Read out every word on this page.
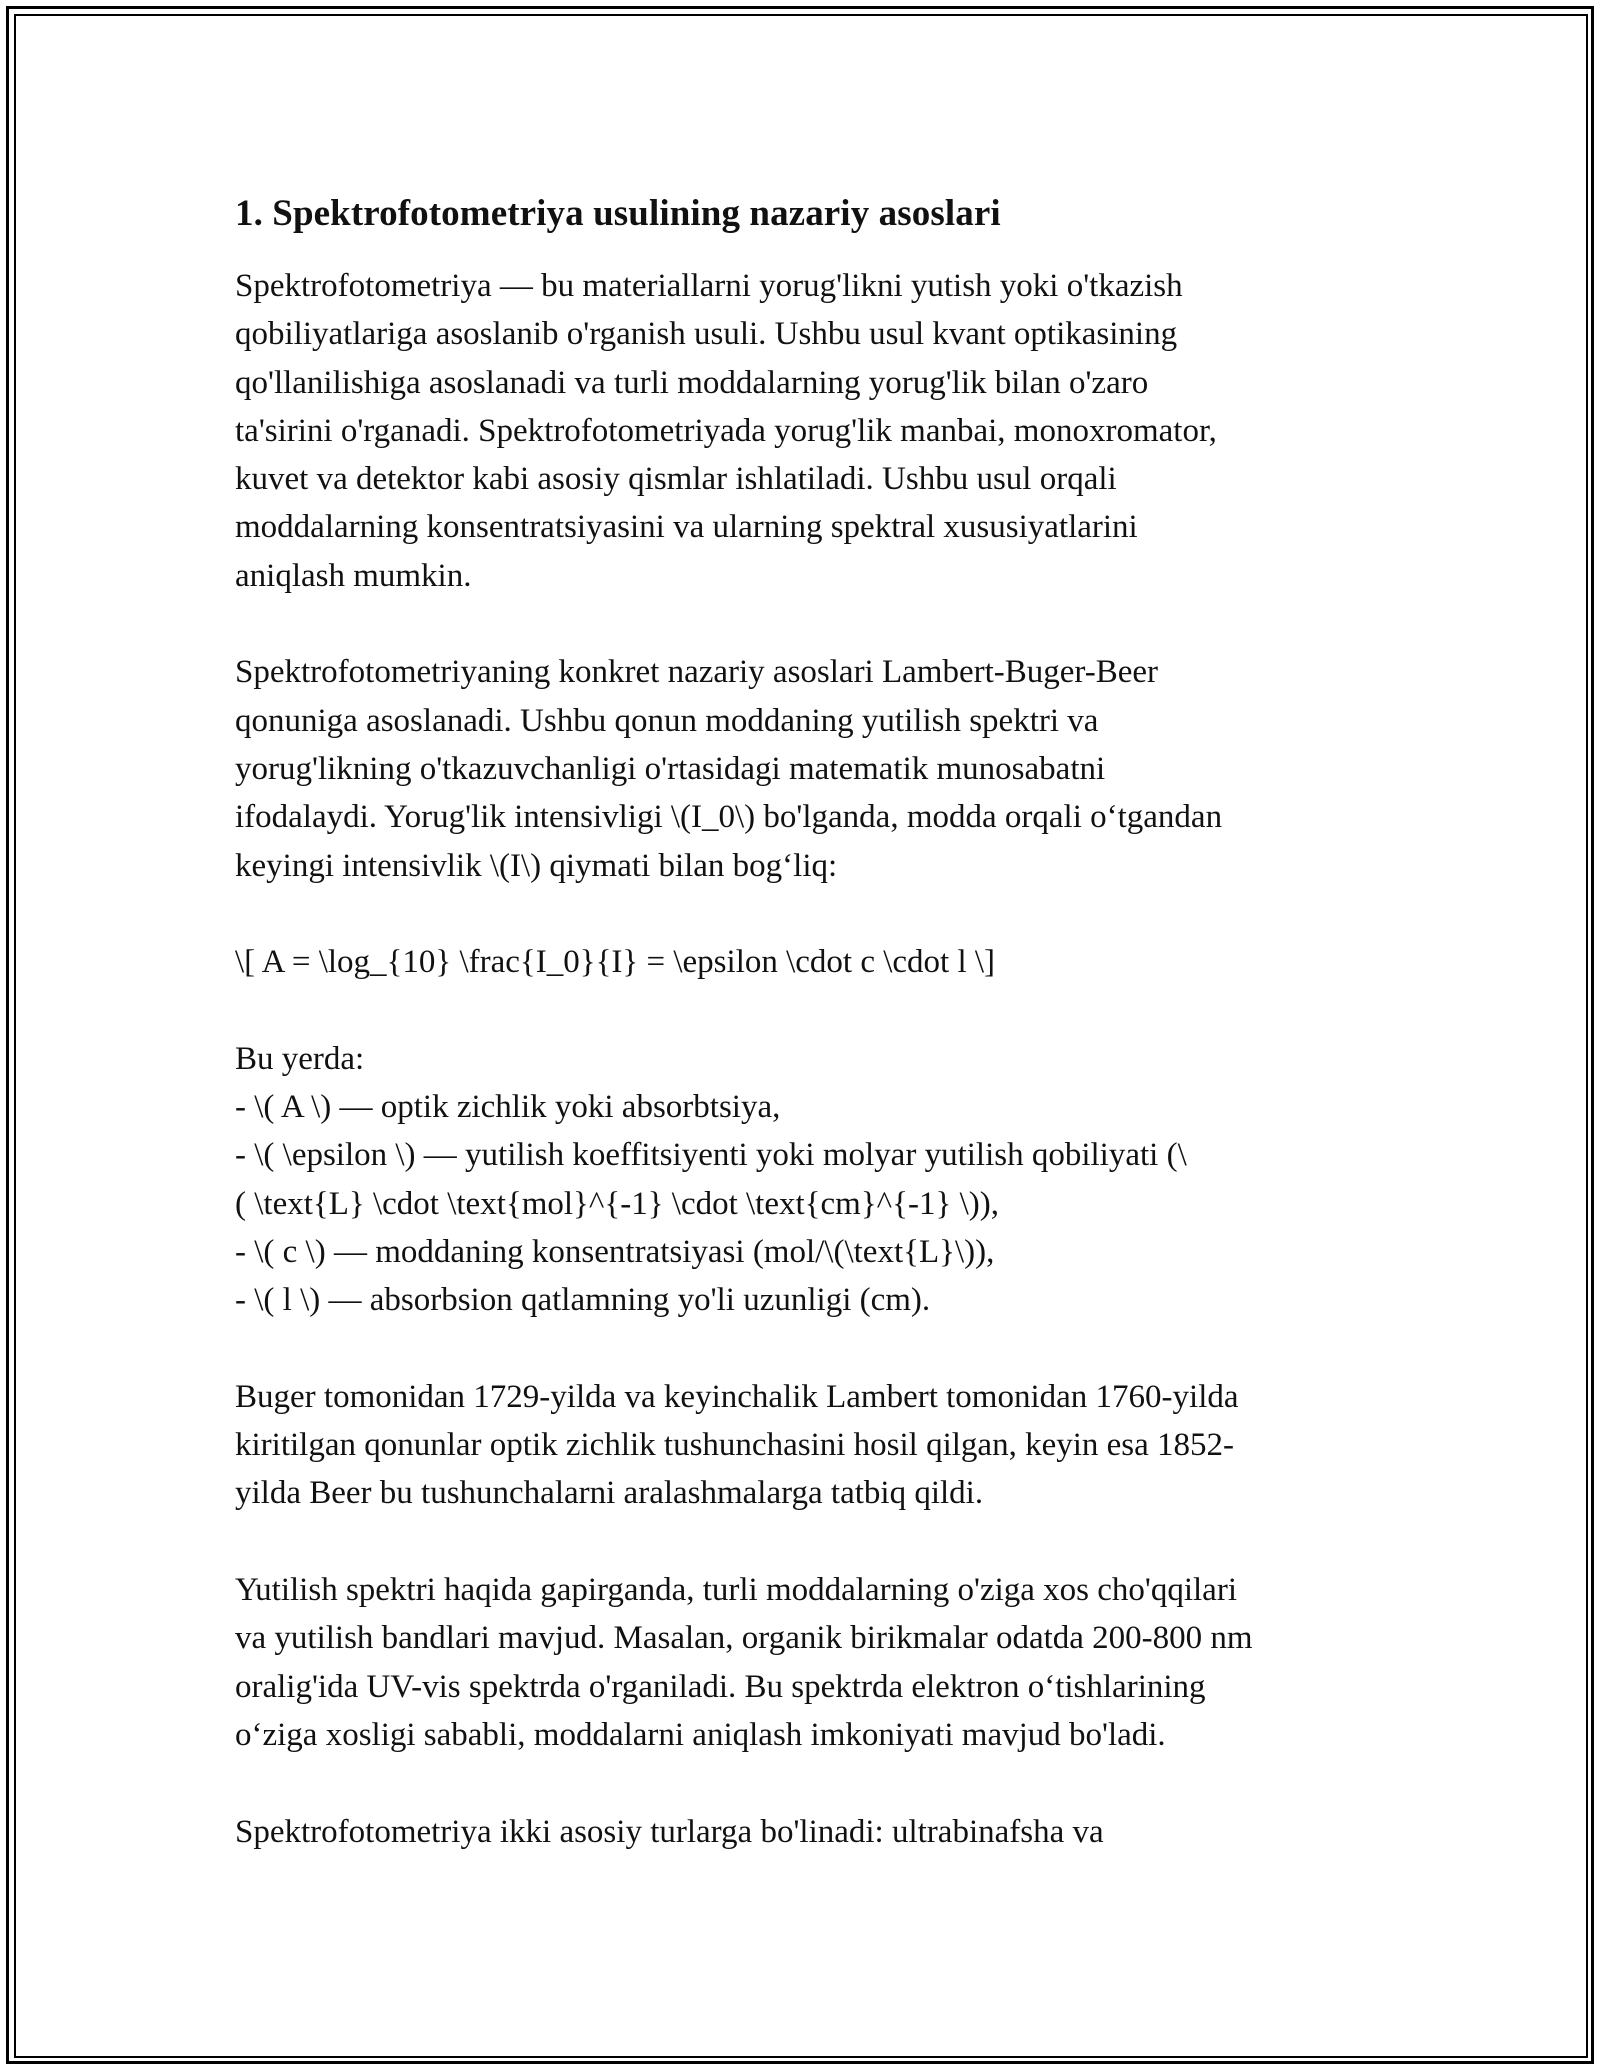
1. Spektrofotometriya usulining nazariy asoslari

Spektrofotometriya — bu materiallarni yorug'likni yutish yoki o'tkazish
qobiliyatlariga asoslanib o'rganish usuli. Ushbu usul kvant optikasining
qo'llanilishiga asoslanadi va turli moddalarning yorug'lik bilan o'zaro
ta'sirini o'rganadi. Spektrofotometriyada yorug'lik manbai, monoxromator,
kuvet va detektor kabi asosiy qismlar ishlatiladi. Ushbu usul orqali
moddalarning konsentratsiyasini va ularning spektral xususiyatlarini
aniqlash mumkin.

Spektrofotometriyaning konkret nazariy asoslari Lambert-Buger-Beer
qonuniga asoslanadi. Ushbu qonun moddaning yutilish spektri va
yorug'likning o'tkazuvchanligi o'rtasidagi matematik munosabatni
ifodalaydi. Yorug'lik intensivligi \(I_0\) bo'lganda, modda orqali o‘tgandan
keyingi intensivlik \(I\) qiymati bilan bog‘liq:

\[ A = \log_{10} \frac{I_0}{I} = \epsilon \cdot c \cdot l \]

Bu yerda:

- \( A \) — optik zichlik yoki absorbtsiya,

- \( \epsilon \) — yutilish koeffitsiyenti yoki molyar yutilish qobiliyati (\
( \text{L} \cdot \text{mol}^{-1} \cdot \text{cm}^{-1} \)),

- \( c \) — moddaning konsentratsiyasi (mol/\(\text{L}\)),

- \( l \) — absorbsion qatlamning yo'li uzunligi (cm).

Buger tomonidan 1729-yilda va keyinchalik Lambert tomonidan 1760-yilda
kiritilgan qonunlar optik zichlik tushunchasini hosil qilgan, keyin esa 1852-
yilda Beer bu tushunchalarni aralashmalarga tatbiq qildi.

Yutilish spektri haqida gapirganda, turli moddalarning o'ziga xos cho'qqilari
va yutilish bandlari mavjud. Masalan, organik birikmalar odatda 200-800 nm
oralig'ida UV-vis spektrda o'rganiladi. Bu spektrda elektron o‘tishlarining
o‘ziga xosligi sababli, moddalarni aniqlash imkoniyati mavjud bo'ladi.

Spektrofotometriya ikki asosiy turlarga bo'linadi: ultrabinafsha va
